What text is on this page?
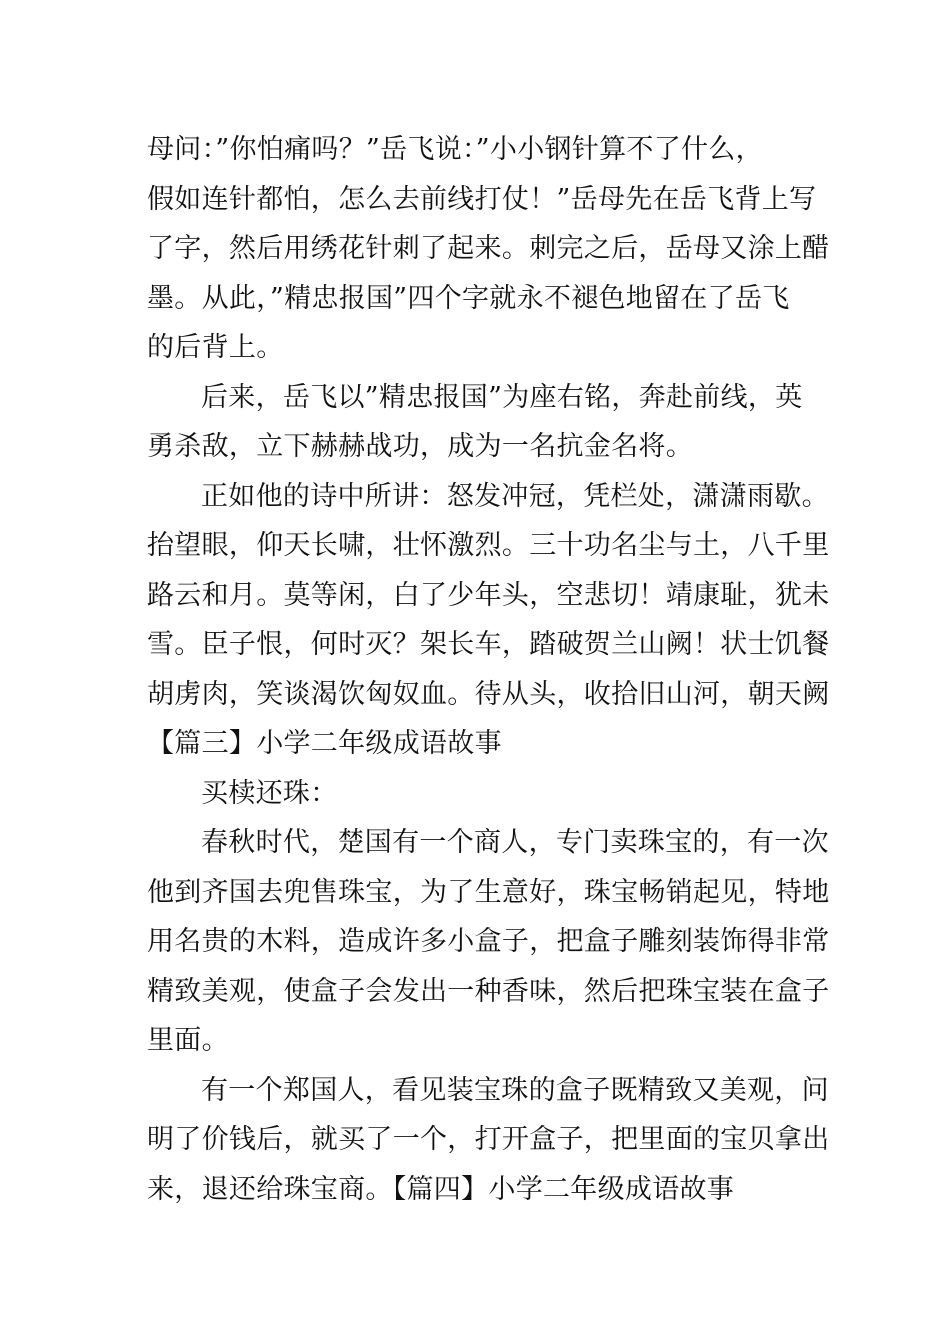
母问：”你怕痛吗？”岳飞说：”小小钢针算不了什么，
假如连针都怕，怎么去前线打仗！”岳母先在岳飞背上写
了字，然后用绣花针刺了起来。刺完之后，岳母又涂上醋
墨。从此，”精忠报国”四个字就永不褪色地留在了岳飞
的后背上。
后来，岳飞以”精忠报国”为座右铭，奔赴前线，英
勇杀敌，立下赫赫战功，成为一名抗金名将。
正如他的诗中所讲：怒发冲冠，凭栏处，潇潇雨歇。
抬望眼，仰天长啸，壮怀激烈。三十功名尘与土，八千里
路云和月。莫等闲，白了少年头，空悲切！靖康耻，犹未
雪。臣子恨，何时灭？架长车，踏破贺兰山阙！状士饥餐
胡虏肉，笑谈渴饮匈奴血。待从头，收拾旧山河，朝天阙
【篇三】小学二年级成语故事
买椟还珠：
春秋时代，楚国有一个商人，专门卖珠宝的，有一次
他到齐国去兜售珠宝，为了生意好，珠宝畅销起见，特地
用名贵的木料，造成许多小盒子，把盒子雕刻装饰得非常
精致美观，使盒子会发出一种香味，然后把珠宝装在盒子
里面。
有一个郑国人，看见装宝珠的盒子既精致又美观，问
明了价钱后，就买了一个，打开盒子，把里面的宝贝拿出
来，退还给珠宝商。【篇四】小学二年级成语故事
